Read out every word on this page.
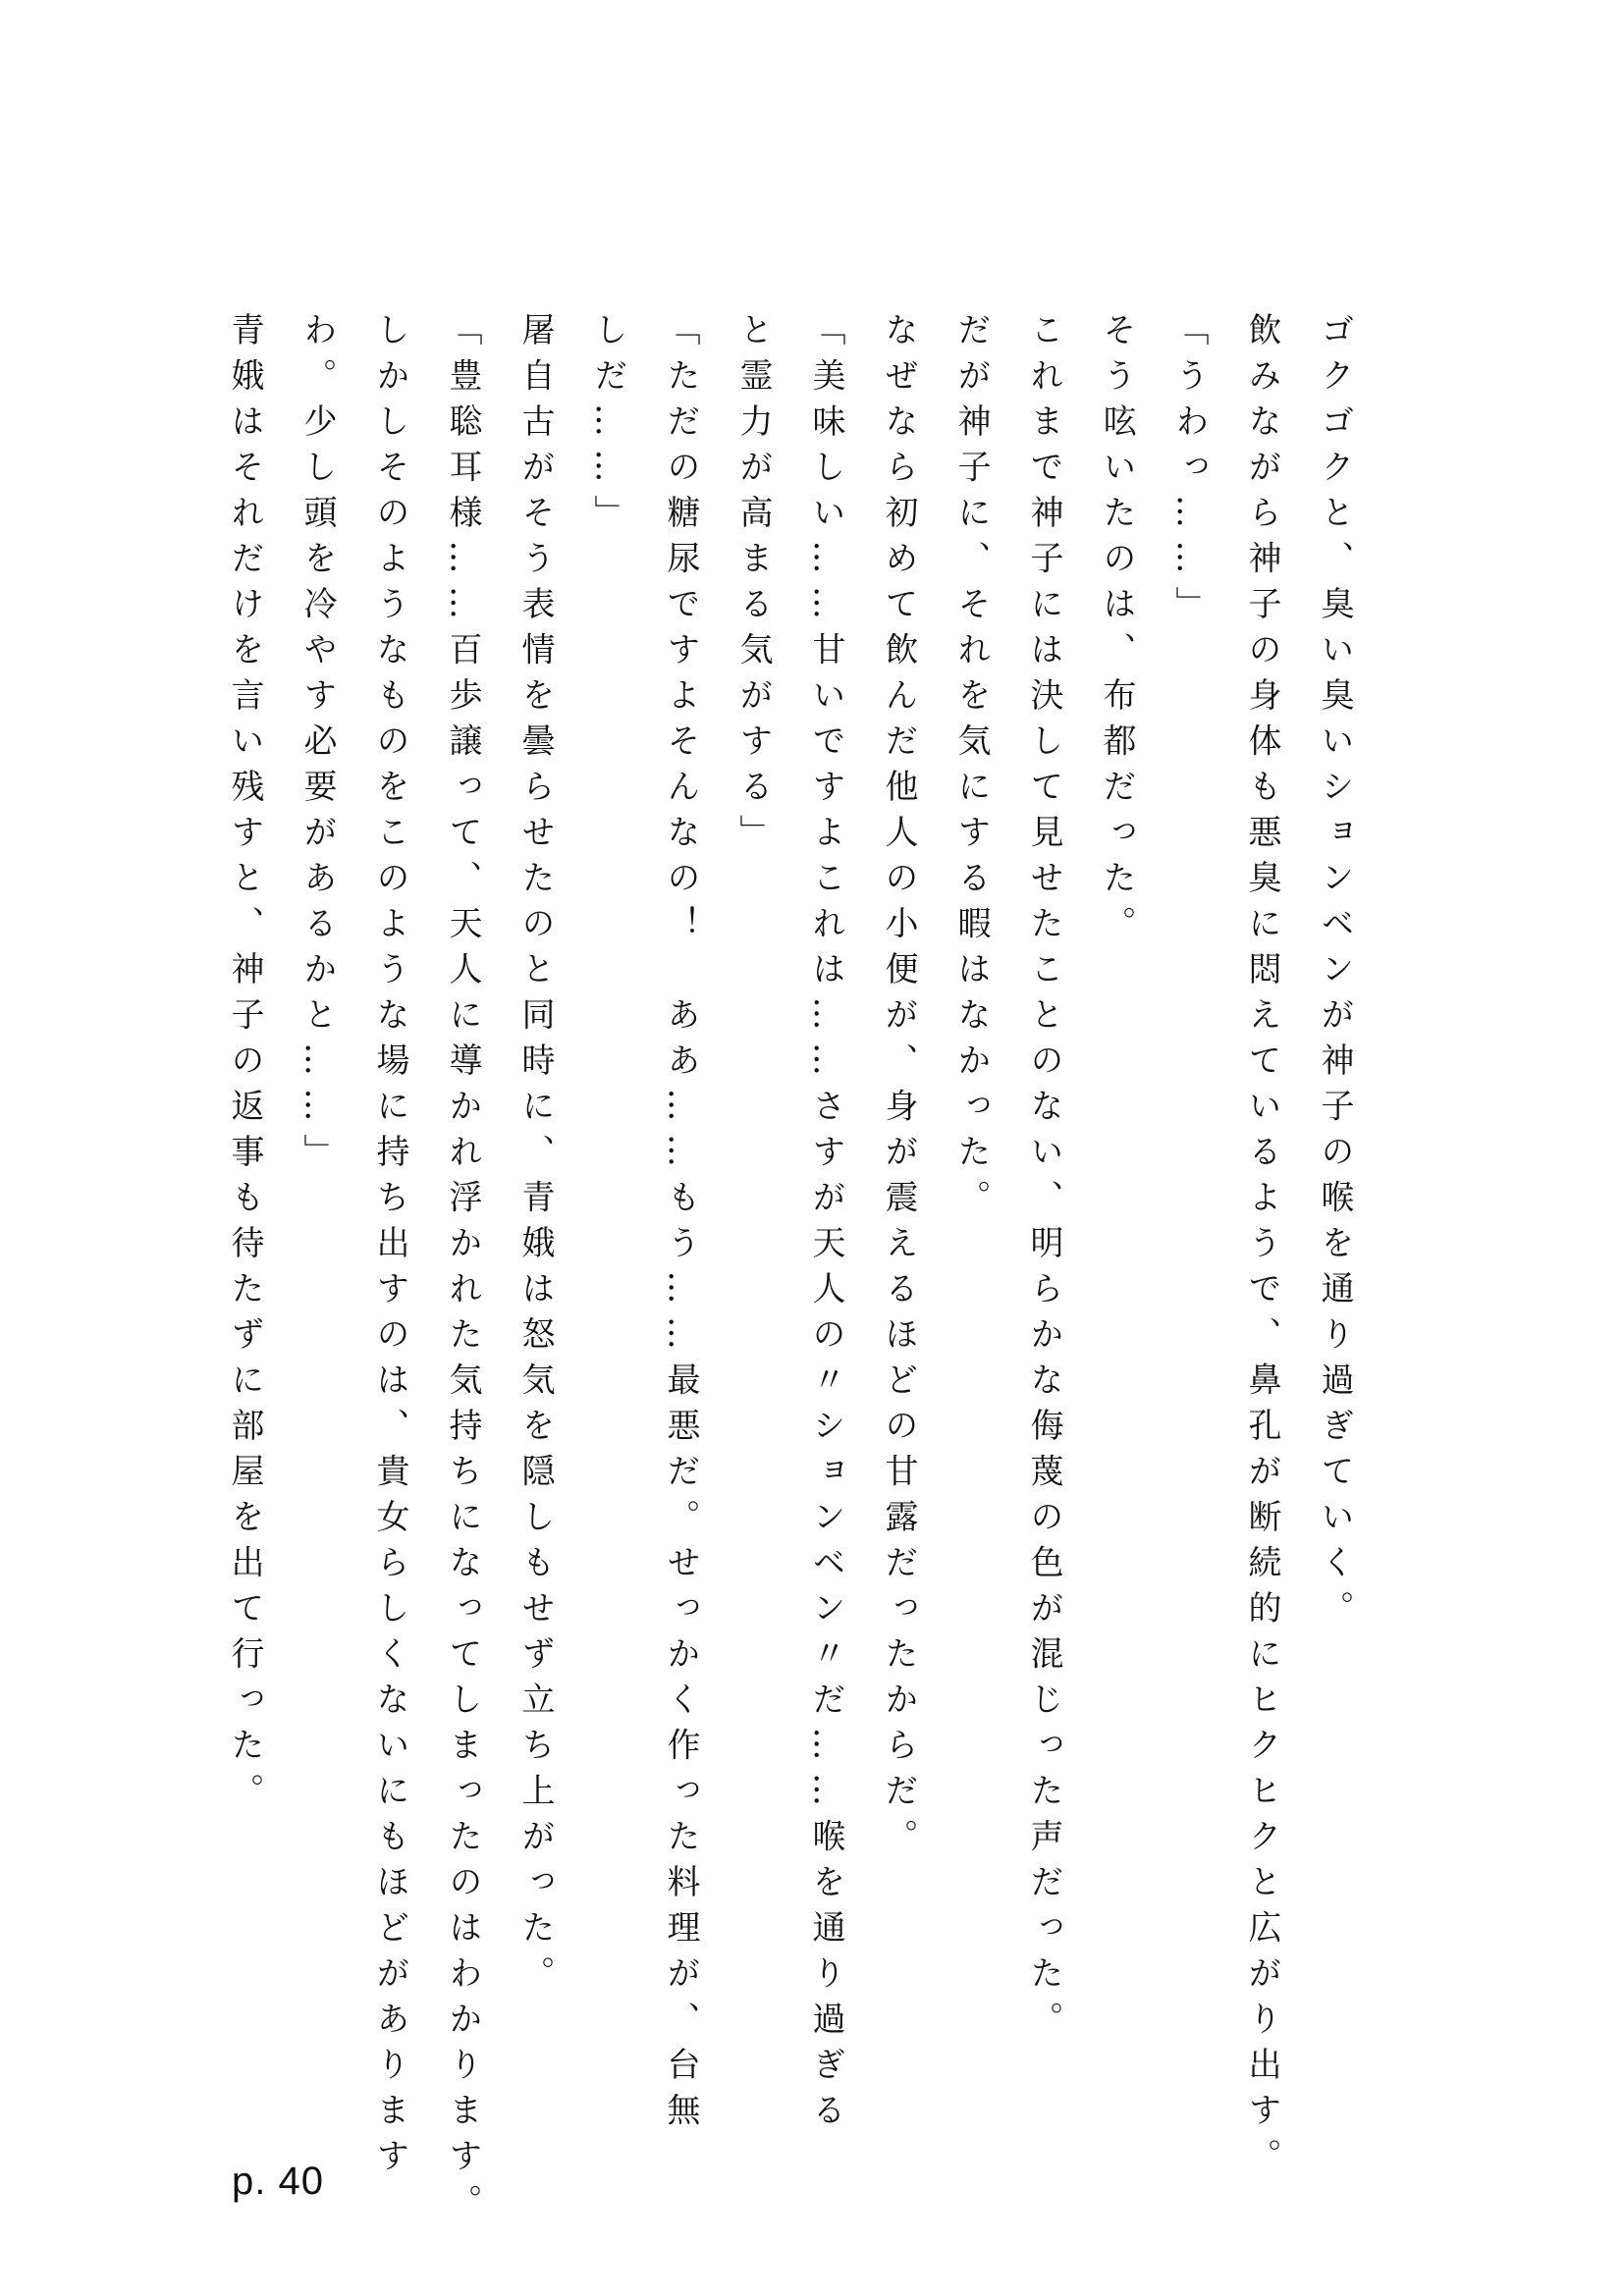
ゴクゴクと、臭い臭いションベンが神子の喉を通り過ぎていく。

飲みながら神子の身体も悪臭に悶えているようで、鼻孔が断続的にヒクヒクと広がり出す。

「うわっ……」

そう呟いたのは、布都だった。

これまで神子には決して見せたことのない、明らかな侮蔑の色が混じった声だった。

だが神子に、それを気にする暇はなかった。

なぜなら初めて飲んだ他人の小便が、身が震えるほどの甘露だったからだ。

「美味しい……甘いですよこれは……さすが天人の〃ションベン〃だ……喉を通り過ぎる

と霊力が高まる気がする」

「ただの糖尿ですよそんなの！　ああ……もう……最悪だ。せっかく作った料理が、台無

しだ……」

屠自古がそう表情を曇らせたのと同時に、青娥は怒気を隠しもせず立ち上がった。

「豊聡耳様……百歩譲って、天人に導かれ浮かれた気持ちになってしまったのはわかります。

しかしそのようなものをこのような場に持ち出すのは、貴女らしくないにもほどがあります

わ。少し頭を冷やす必要があるかと……」

青娥はそれだけを言い残すと、神子の返事も待たずに部屋を出て行った。

p. 40
